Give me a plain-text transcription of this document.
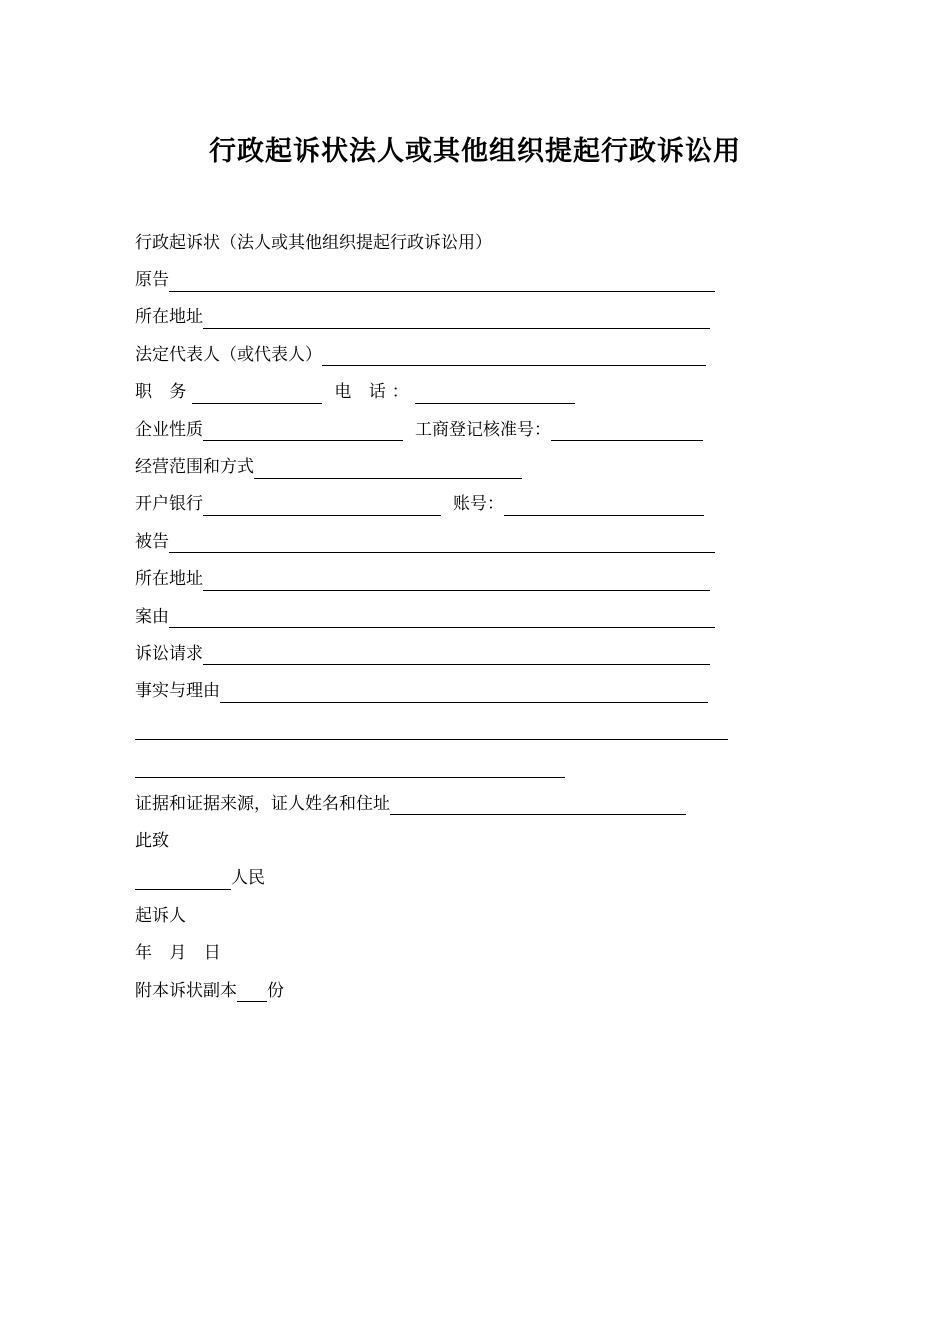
行政起诉状法人或其他组织提起行政诉讼用
行政起诉状（法人或其他组织提起行政诉讼用）
原告
所在地址
法定代表人（或代表人）
职 务	电 话：
企业性质	工商登记核准号：
经营范围和方式
开户银行	账号：
被告
所在地址
案由
诉讼请求
事实与理由
证据和证据来源，证人姓名和住址
此致
人民
起诉人
年 月 日
附本诉状副本 份
